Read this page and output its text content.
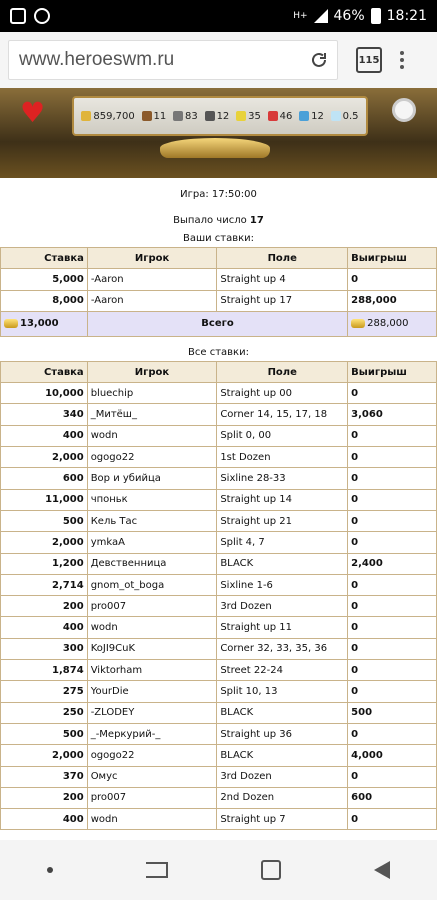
H+ 46% 18:21
www.heroeswm.ru	115
♥	859,700 11 83 12 35 46 12 0.5
Игра: 17:50:00
Выпало число 17
Ваши ставки:
Ставка	Игрок	Поле	Выигрыш
5,000	-Aaron	Straight up 4	0
8,000	-Aaron	Straight up 17	288,000
13,000	Всего		288,000
Все ставки:
Ставка	Игрок	Поле	Выигрыш
10,000	bluechip	Straight up 00	0
340	_Митёш_	Corner 14, 15, 17, 18	3,060
400	wodn	Split 0, 00	0
2,000	ogogo22	1st Dozen	0
600	Вор и убийца	Sixline 28-33	0
11,000	чпоньк	Straight up 14	0
500	Кель Тас	Straight up 21	0
2,000	ymkaA	Split 4, 7	0
1,200	Девственница	BLACK	2,400
2,714	gnom_ot_boga	Sixline 1-6	0
200	pro007	3rd Dozen	0
400	wodn	Straight up 11	0
300	KoJI9CuK	Corner 32, 33, 35, 36	0
1,874	Viktorham	Street 22-24	0
275	YourDie	Split 10, 13	0
250	-ZLODEY	BLACK	500
500	_-Меркурий-_	Straight up 36	0
2,000	ogogo22	BLACK	4,000
370	Омус	3rd Dozen	0
200	pro007	2nd Dozen	600
400	wodn	Straight up 7	0
